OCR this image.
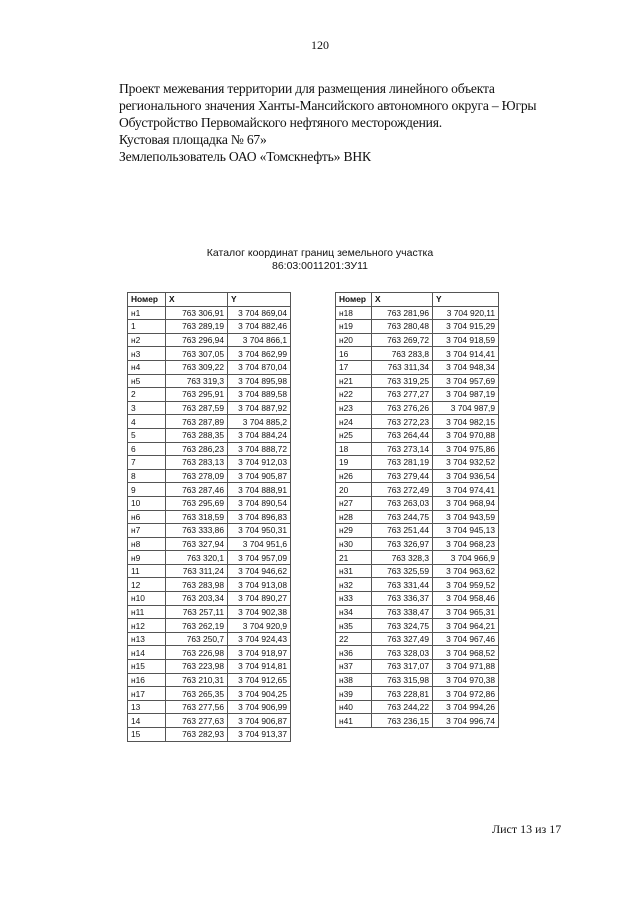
120
Проект межевания территории для размещения линейного объекта
регионального значения Ханты-Мансийского автономного округа – Югры
Обустройство Первомайского нефтяного месторождения.
Кустовая площадка № 67»
Землепользователь ОАО «Томскнефть» ВНК
Каталог координат границ земельного участка
86:03:0011201:ЗУ11
Номер	X	Y
н1	763 306,91	3 704 869,04
1	763 289,19	3 704 882,46
н2	763 296,94	3 704 866,1
н3	763 307,05	3 704 862,99
н4	763 309,22	3 704 870,04
н5	763 319,3	3 704 895,98
2	763 295,91	3 704 889,58
3	763 287,59	3 704 887,92
4	763 287,89	3 704 885,2
5	763 288,35	3 704 884,24
6	763 286,23	3 704 888,72
7	763 283,13	3 704 912,03
8	763 278,09	3 704 905,87
9	763 287,46	3 704 888,91
10	763 295,69	3 704 890,54
н6	763 318,59	3 704 896,83
н7	763 333,86	3 704 950,31
н8	763 327,94	3 704 951,6
н9	763 320,1	3 704 957,09
11	763 311,24	3 704 946,62
12	763 283,98	3 704 913,08
н10	763 203,34	3 704 890,27
н11	763 257,11	3 704 902,38
н12	763 262,19	3 704 920,9
н13	763 250,7	3 704 924,43
н14	763 226,98	3 704 918,97
н15	763 223,98	3 704 914,81
н16	763 210,31	3 704 912,65
н17	763 265,35	3 704 904,25
13	763 277,56	3 704 906,99
14	763 277,63	3 704 906,87
15	763 282,93	3 704 913,37
Номер	X	Y
н18	763 281,96	3 704 920,11
н19	763 280,48	3 704 915,29
н20	763 269,72	3 704 918,59
16	763 283,8	3 704 914,41
17	763 311,34	3 704 948,34
н21	763 319,25	3 704 957,69
н22	763 277,27	3 704 987,19
н23	763 276,26	3 704 987,9
н24	763 272,23	3 704 982,15
н25	763 264,44	3 704 970,88
18	763 273,14	3 704 975,86
19	763 281,19	3 704 932,52
н26	763 279,44	3 704 936,54
20	763 272,49	3 704 974,41
н27	763 263,03	3 704 968,94
н28	763 244,75	3 704 943,59
н29	763 251,44	3 704 945,13
н30	763 326,97	3 704 968,23
21	763 328,3	3 704 966,9
н31	763 325,59	3 704 963,62
н32	763 331,44	3 704 959,52
н33	763 336,37	3 704 958,46
н34	763 338,47	3 704 965,31
н35	763 324,75	3 704 964,21
22	763 327,49	3 704 967,46
н36	763 328,03	3 704 968,52
н37	763 317,07	3 704 971,88
н38	763 315,98	3 704 970,38
н39	763 228,81	3 704 972,86
н40	763 244,22	3 704 994,26
н41	763 236,15	3 704 996,74
Лист 13 из 17
